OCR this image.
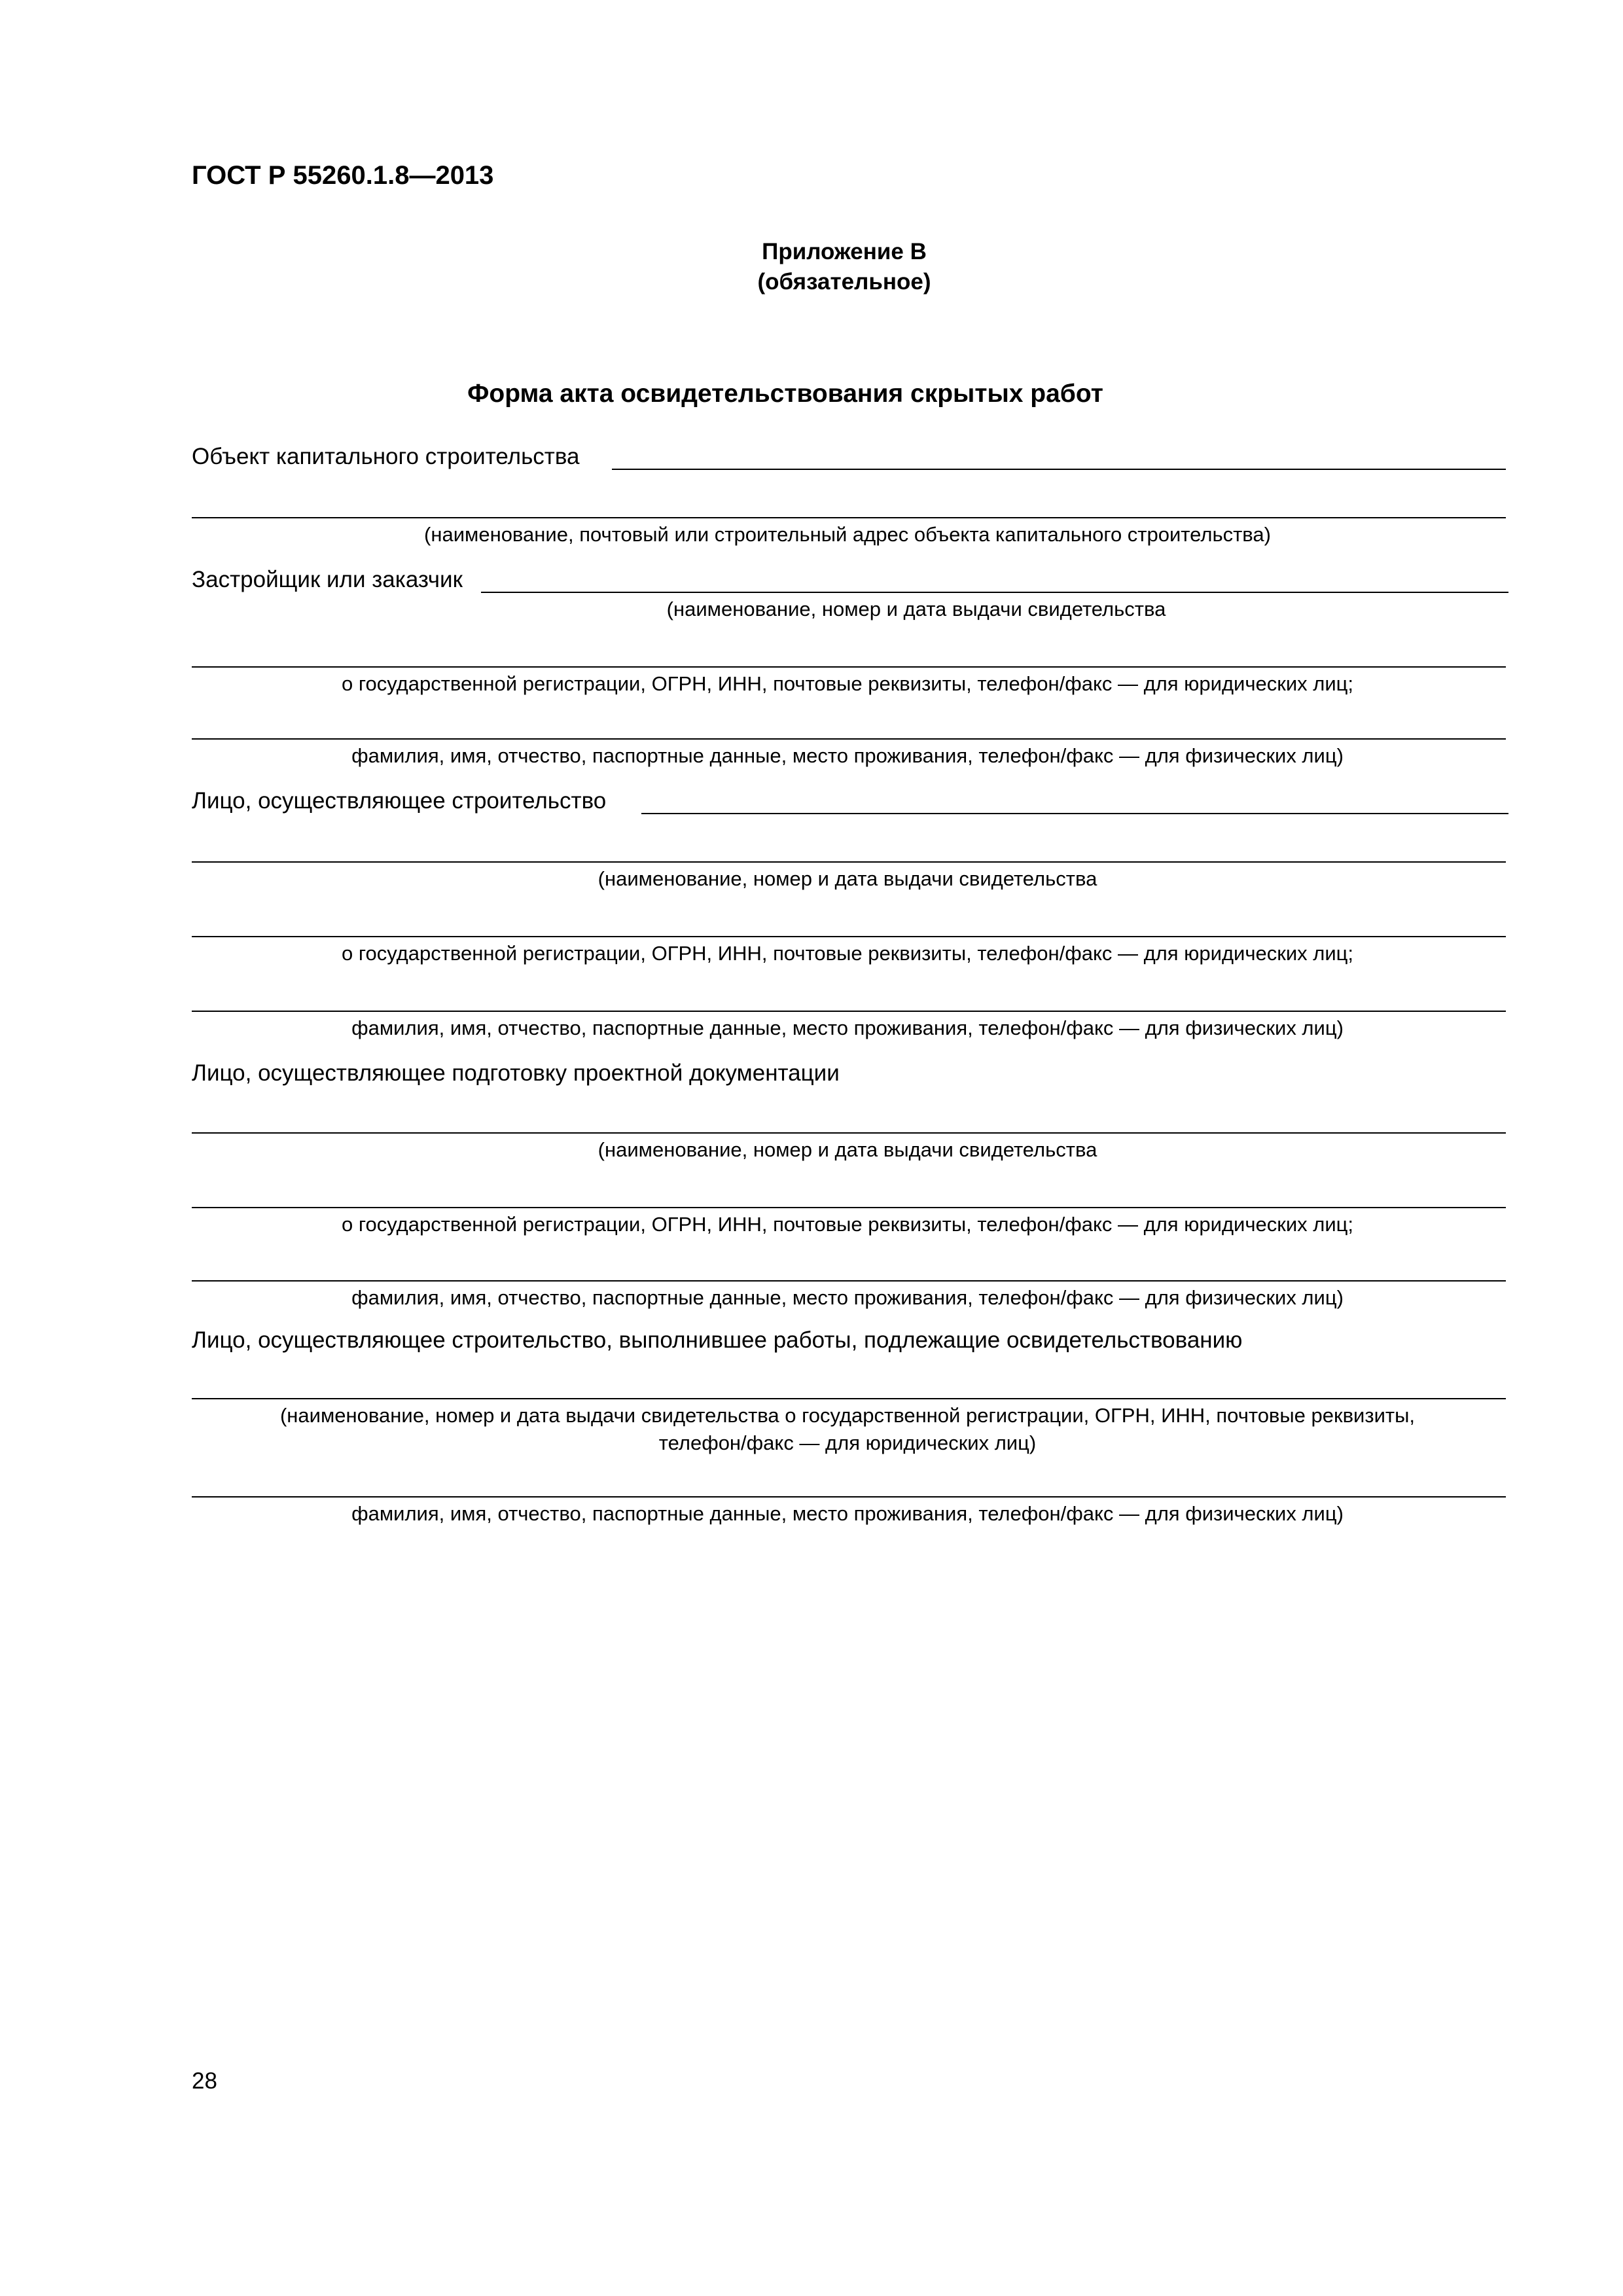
ГОСТ Р 55260.1.8—2013
Приложение В
(обязательное)
Форма акта освидетельствования скрытых работ
Объект капитального строительства
(наименование, почтовый или строительный адрес объекта капитального строительства)
Застройщик или заказчик
(наименование, номер и дата выдачи свидетельства
о государственной регистрации, ОГРН, ИНН, почтовые реквизиты, телефон/факс — для юридических лиц;
фамилия, имя, отчество, паспортные данные, место проживания, телефон/факс — для физических лиц)
Лицо, осуществляющее строительство
(наименование, номер и дата выдачи свидетельства
о государственной регистрации, ОГРН, ИНН, почтовые реквизиты, телефон/факс — для юридических лиц;
фамилия, имя, отчество, паспортные данные, место проживания, телефон/факс — для физических лиц)
Лицо, осуществляющее подготовку проектной документации
(наименование, номер и дата выдачи свидетельства
о государственной регистрации, ОГРН, ИНН, почтовые реквизиты, телефон/факс — для юридических лиц;
фамилия, имя, отчество, паспортные данные, место проживания, телефон/факс — для физических лиц)
Лицо, осуществляющее строительство, выполнившее работы, подлежащие освидетельствованию
(наименование, номер и дата выдачи свидетельства о государственной регистрации, ОГРН, ИНН, почтовые реквизиты,
телефон/факс — для юридических лиц)
фамилия, имя, отчество, паспортные данные, место проживания, телефон/факс — для физических лиц)
28
